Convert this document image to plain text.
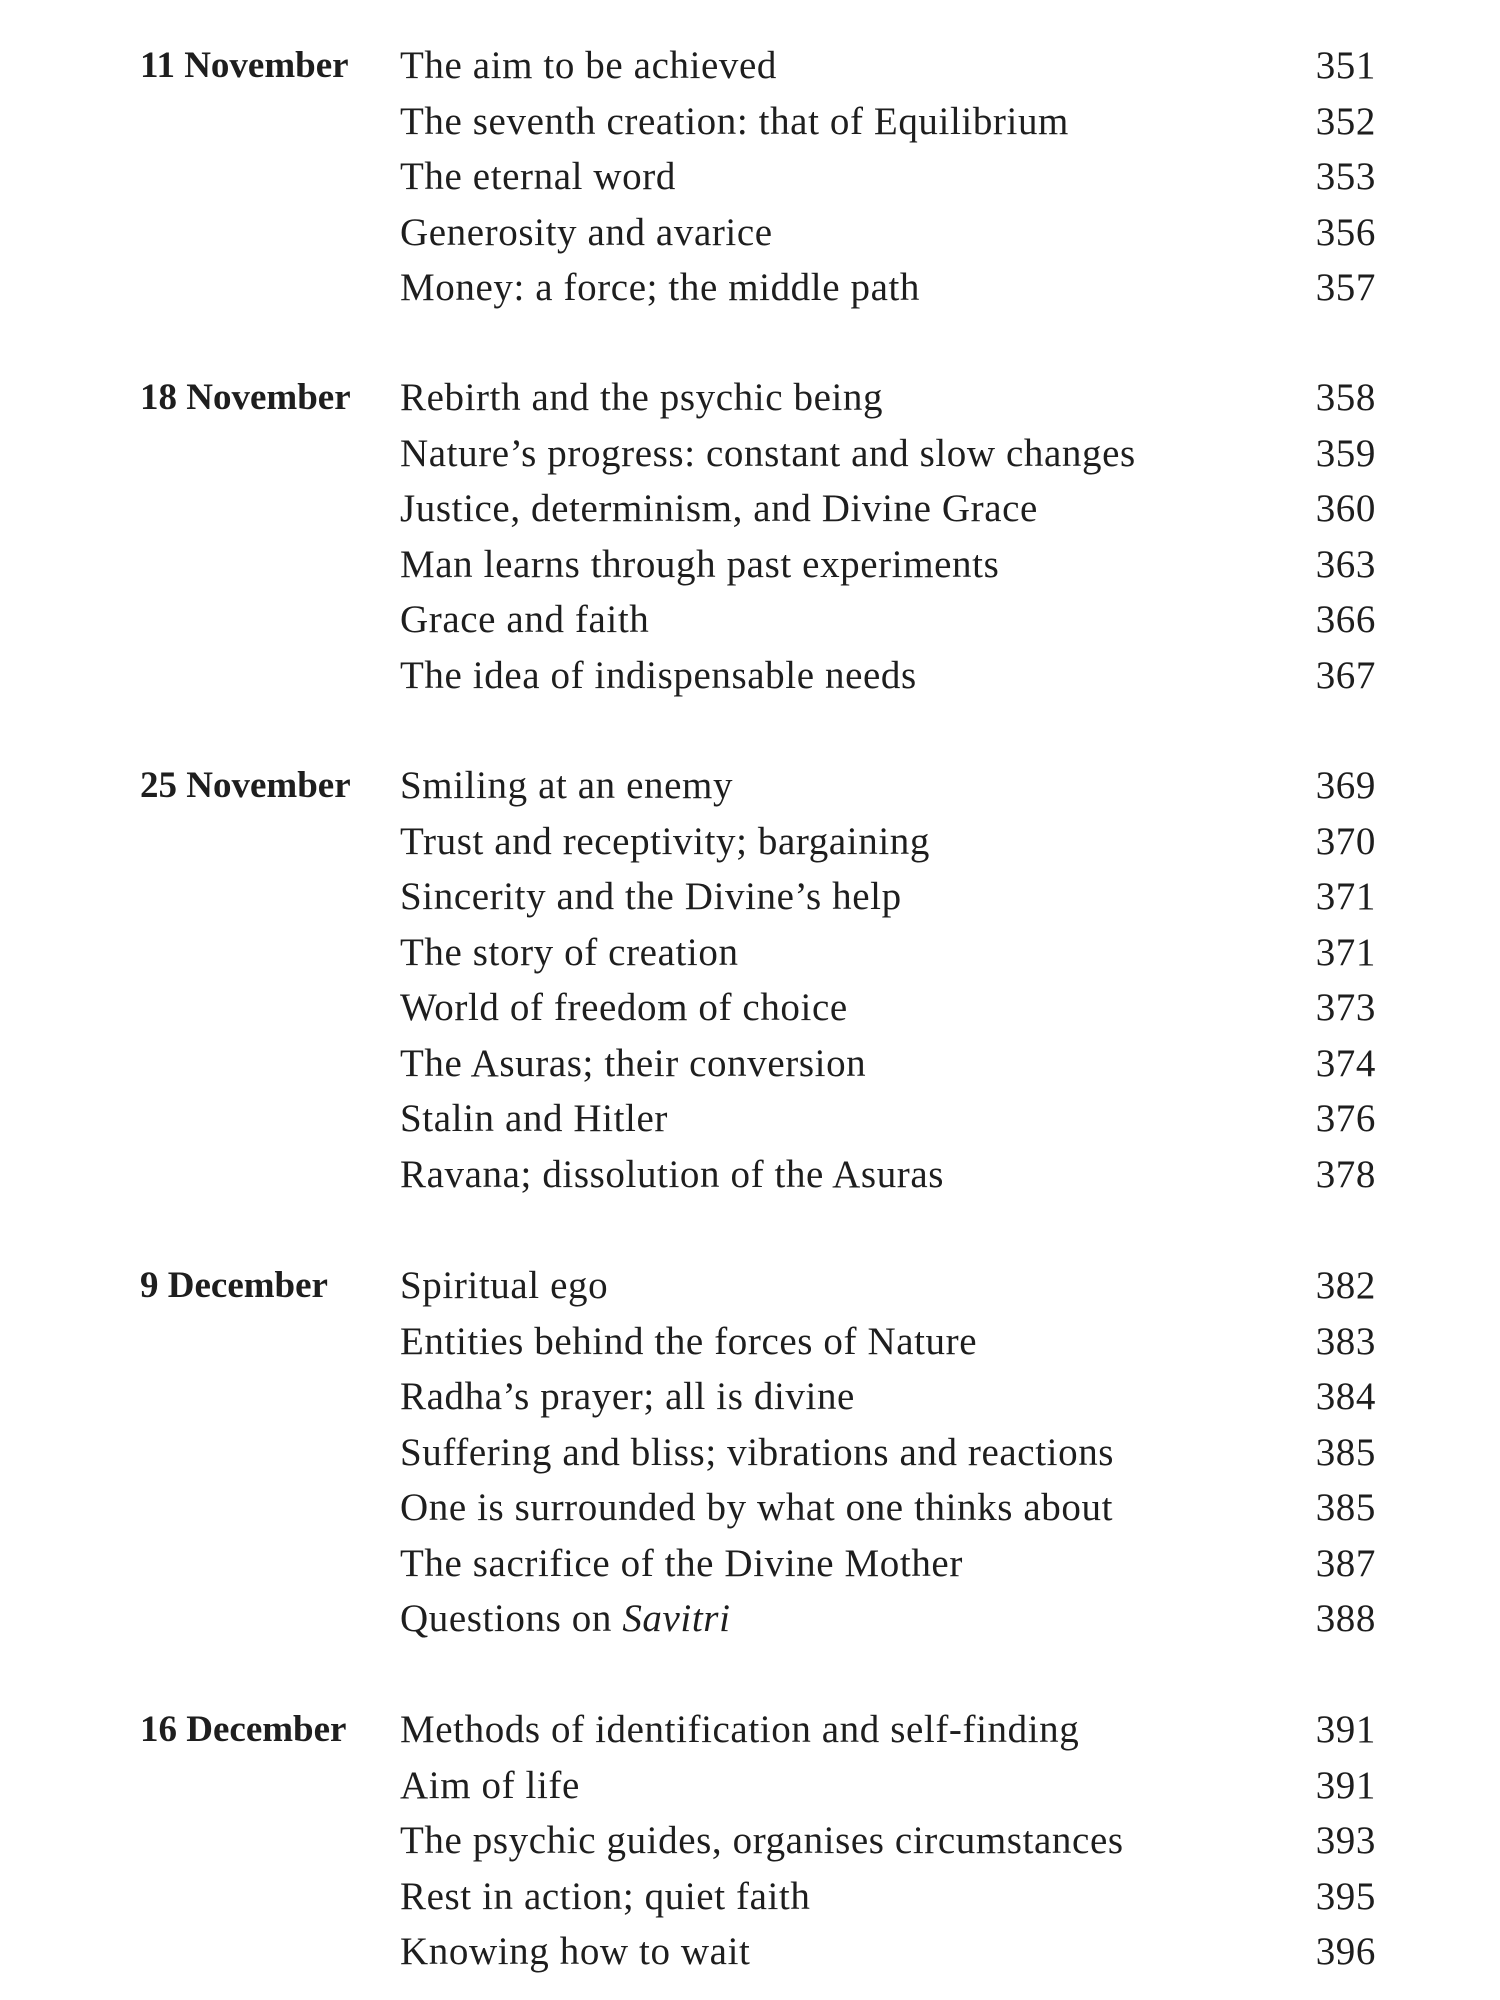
11 November The aim to be achieved	351
The seventh creation: that of Equilibrium	352
The eternal word	353
Generosity and avarice	356
Money: a force; the middle path	357
18 November Rebirth and the psychic being	358
Nature’s progress: constant and slow changes	359
Justice, determinism, and Divine Grace	360
Man learns through past experiments	363
Grace and faith	366
The idea of indispensable needs	367
25 November Smiling at an enemy	369
Trust and receptivity; bargaining	370
Sincerity and the Divine’s help	371
The story of creation	371
World of freedom of choice	373
The Asuras; their conversion	374
Stalin and Hitler	376
Ravana; dissolution of the Asuras	378
9 December Spiritual ego	382
Entities behind the forces of Nature	383
Radha’s prayer; all is divine	384
Suffering and bliss; vibrations and reactions	385
One is surrounded by what one thinks about	385
The sacrifice of the Divine Mother	387
Questions on Savitri	388
16 December Methods of identification and self-finding	391
Aim of life	391
The psychic guides, organises circumstances	393
Rest in action; quiet faith	395
Knowing how to wait	396
